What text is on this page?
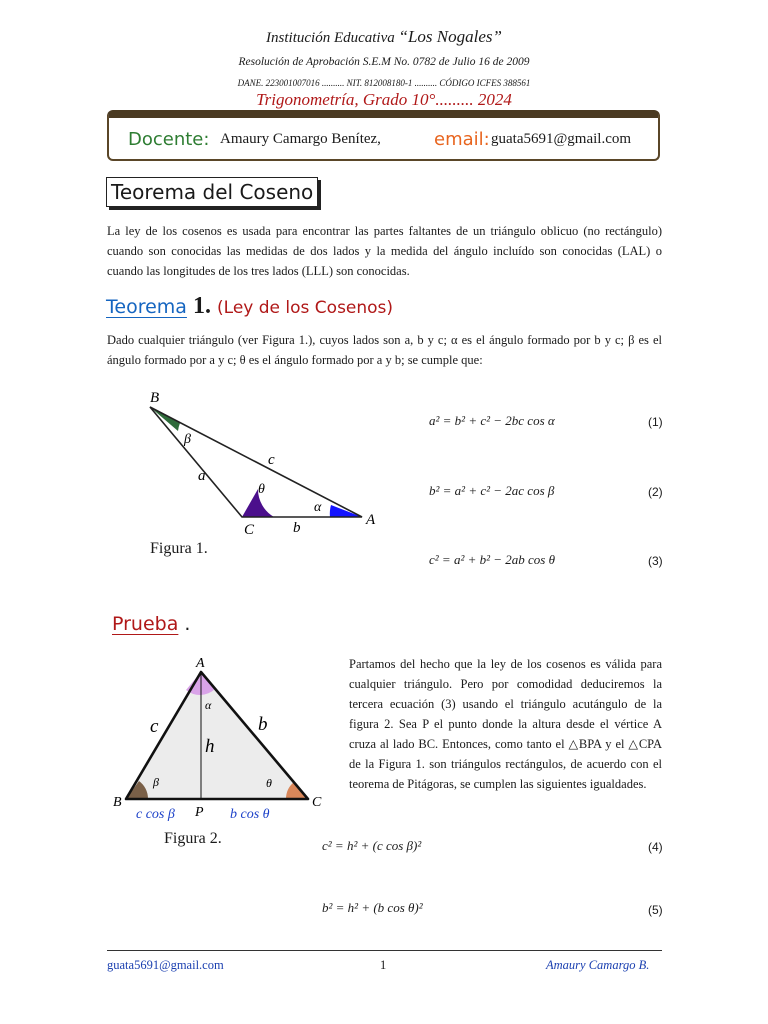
Institución Educativa “Los Nogales”
Resolución de Aprobación S.E.M No. 0782 de Julio 16 de 2009
DANE. 223001007016 .......... NIT. 812008180-1 .......... CÓDIGO ICFES 388561
Trigonometría, Grado 10°......... 2024
Docente: Amaury Camargo Benítez,	email: guata5691@gmail.com
Teorema del Coseno
La ley de los cosenos es usada para encontrar las partes faltantes de un triángulo oblicuo (no rectángulo) cuando son conocidas las medidas de dos lados y la medida del ángulo incluído son conocidas (LAL) o cuando las longitudes de los tres lados (LLL) son conocidas.
Teorema 1. (Ley de los Cosenos)
Dado cualquier triángulo (ver Figura 1.), cuyos lados son a, b y c; α es el ángulo formado por b y c; β es el ángulo formado por a y c; θ es el ángulo formado por a y b; se cumple que:
B
β
c
a
θ
α
C	b	A
Figura 1.
a² = b² + c² − 2bc cos α	(1)
b² = a² + c² − 2ac cos β	(2)
c² = a² + b² − 2ab cos θ	(3)
Prueba .
A
α
c	b
h
β	θ
B
P
C
c cos β	b cos θ
Figura 2.
Partamos del hecho que la ley de los cosenos es válida para cualquier triángulo. Pero por comodidad deduciremos la tercera ecuación (3) usando el triángulo acutángulo de la figura 2. Sea P el punto donde la altura desde el vértice A cruza al lado BC. Entonces, como tanto el △BPA y el △CPA de la Figura 1. son triángulos rectángulos, de acuerdo con el teorema de Pitágoras, se cumplen las siguientes igualdades.
c² = h² + (c cos β)²	(4)
b² = h² + (b cos θ)²	(5)
guata5691@gmail.com	1	Amaury Camargo B.
